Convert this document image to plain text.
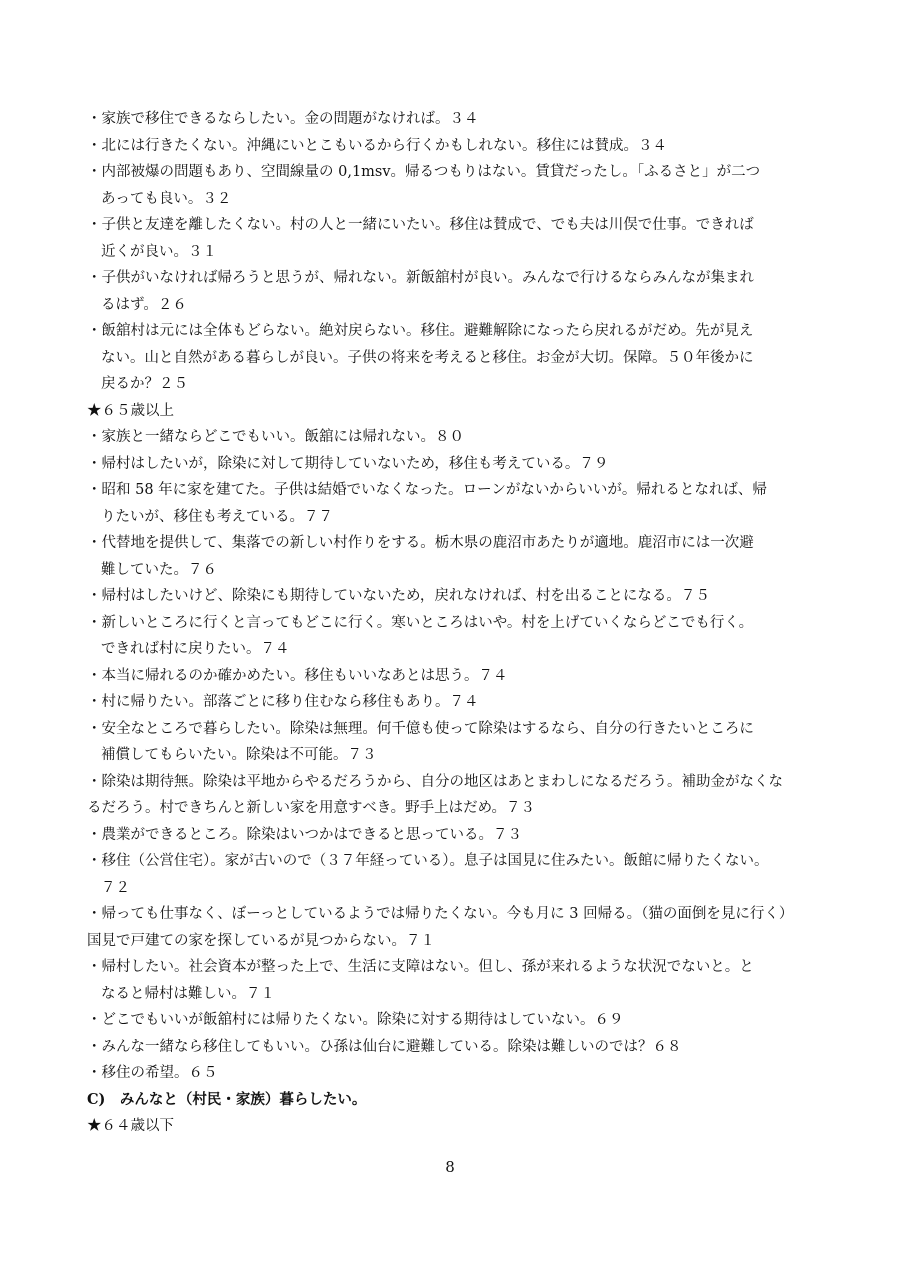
・家族で移住できるならしたい。金の問題がなければ。３４
・北には行きたくない。沖縄にいとこもいるから行くかもしれない。移住には賛成。３４
・内部被爆の問題もあり、空間線量の 0,1msv。帰るつもりはない。賃貸だったし。「ふるさと」が二つ
あっても良い。３２
・子供と友達を離したくない。村の人と一緒にいたい。移住は賛成で、でも夫は川俣で仕事。できれば
近くが良い。３１
・子供がいなければ帰ろうと思うが、帰れない。新飯舘村が良い。みんなで行けるならみんなが集まれ
るはず。２６
・飯舘村は元には全体もどらない。絶対戻らない。移住。避難解除になったら戻れるがだめ。先が見え
ない。山と自然がある暮らしが良い。子供の将来を考えると移住。お金が大切。保障。５０年後かに
戻るか？２５
★６５歳以上
・家族と一緒ならどこでもいい。飯舘には帰れない。８０
・帰村はしたいが，除染に対して期待していないため，移住も考えている。７９
・昭和 58 年に家を建てた。子供は結婚でいなくなった。ローンがないからいいが。帰れるとなれば、帰
りたいが、移住も考えている。７７
・代替地を提供して、集落での新しい村作りをする。栃木県の鹿沼市あたりが適地。鹿沼市には一次避
難していた。７６
・帰村はしたいけど、除染にも期待していないため，戻れなければ、村を出ることになる。７５
・新しいところに行くと言ってもどこに行く。寒いところはいや。村を上げていくならどこでも行く。
できれば村に戻りたい。７４
・本当に帰れるのか確かめたい。移住もいいなあとは思う。７４
・村に帰りたい。部落ごとに移り住むなら移住もあり。７４
・安全なところで暮らしたい。除染は無理。何千億も使って除染はするなら、自分の行きたいところに
補償してもらいたい。除染は不可能。７３
・除染は期待無。除染は平地からやるだろうから、自分の地区はあとまわしになるだろう。補助金がなくな
るだろう。村できちんと新しい家を用意すべき。野手上はだめ。７３
・農業ができるところ。除染はいつかはできると思っている。７３
・移住（公営住宅）。家が古いので（３７年経っている）。息子は国見に住みたい。飯館に帰りたくない。
７２
・帰っても仕事なく、ぼーっとしているようでは帰りたくない。今も月に 3 回帰る。（猫の面倒を見に行く）
国見で戸建ての家を探しているが見つからない。７１
・帰村したい。社会資本が整った上で、生活に支障はない。但し、孫が来れるような状況でないと。と
なると帰村は難しい。７１
・どこでもいいが飯舘村には帰りたくない。除染に対する期待はしていない。６９
・みんな一緒なら移住してもいい。ひ孫は仙台に避難している。除染は難しいのでは？６８
・移住の希望。６５
C)　みんなと（村民・家族）暮らしたい。
★６４歳以下
8
